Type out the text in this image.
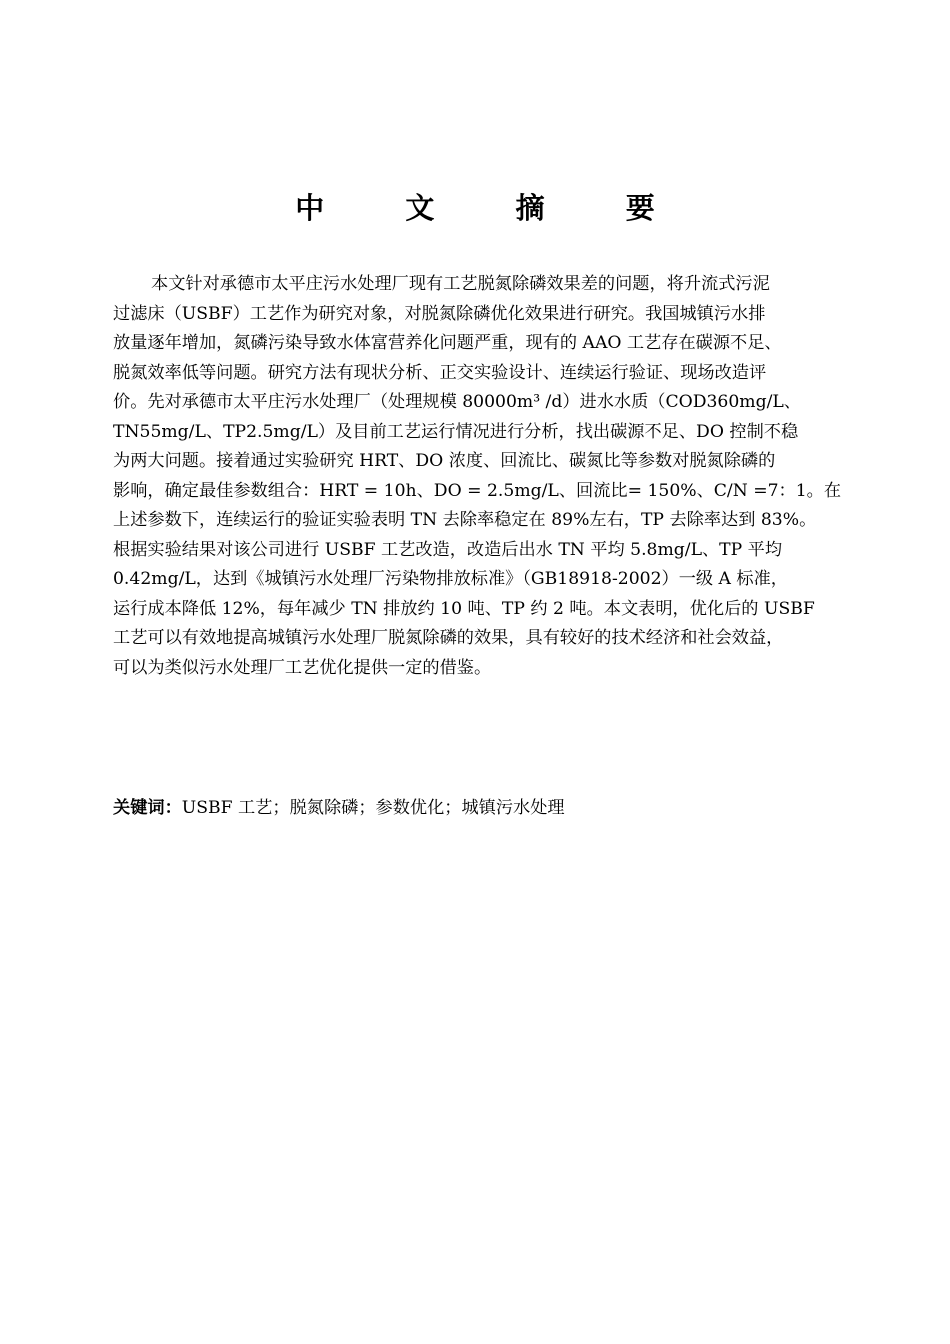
中　文　摘　要
本文针对承德市太平庄污水处理厂现有工艺脱氮除磷效果差的问题，将升流式污泥
过滤床（USBF）工艺作为研究对象，对脱氮除磷优化效果进行研究。我国城镇污水排
放量逐年增加，氮磷污染导致水体富营养化问题严重，现有的 AAO 工艺存在碳源不足、
脱氮效率低等问题。研究方法有现状分析、正交实验设计、连续运行验证、现场改造评
价。先对承德市太平庄污水处理厂（处理规模 80000m³ /d）进水水质（COD360mg/L、
TN55mg/L、TP2.5mg/L）及目前工艺运行情况进行分析，找出碳源不足、DO 控制不稳
为两大问题。接着通过实验研究 HRT、DO 浓度、回流比、碳氮比等参数对脱氮除磷的
影响，确定最佳参数组合：HRT = 10h、DO = 2.5mg/L、回流比= 150%、C/N =7：1。在
上述参数下，连续运行的验证实验表明 TN 去除率稳定在 89%左右，TP 去除率达到 83%。
根据实验结果对该公司进行 USBF 工艺改造，改造后出水 TN 平均 5.8mg/L、TP 平均
0.42mg/L，达到《城镇污水处理厂污染物排放标准》（GB18918-2002）一级 A 标准，
运行成本降低 12%，每年减少 TN 排放约 10 吨、TP 约 2 吨。本文表明，优化后的 USBF
工艺可以有效地提高城镇污水处理厂脱氮除磷的效果，具有较好的技术经济和社会效益，
可以为类似污水处理厂工艺优化提供一定的借鉴。
关键词：USBF 工艺；脱氮除磷；参数优化；城镇污水处理
